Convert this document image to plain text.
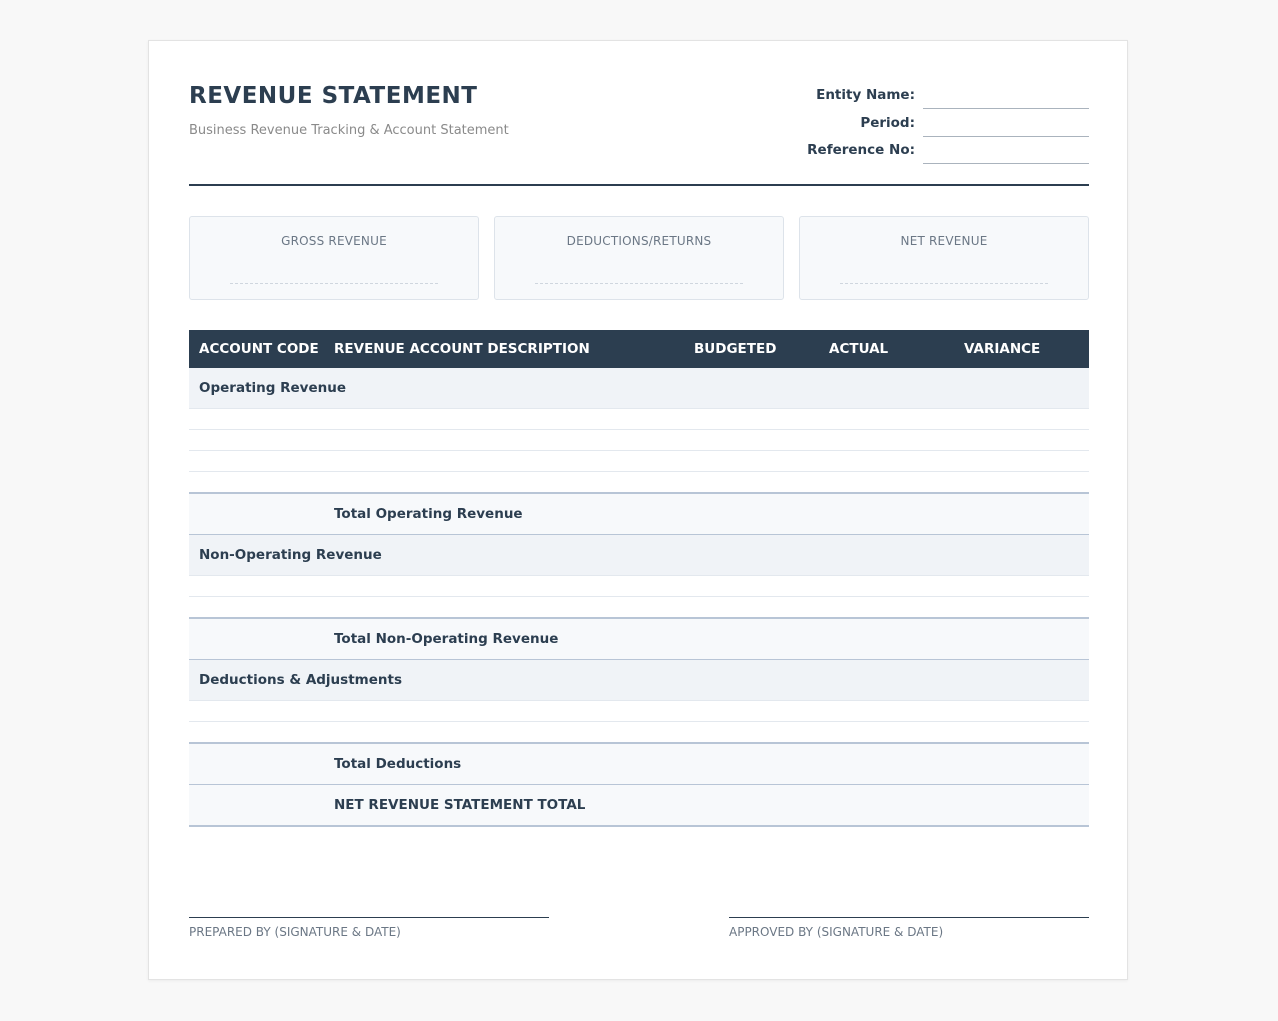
REVENUE STATEMENT
Business Revenue Tracking & Account Statement
Entity Name:
Period:
Reference No:
GROSS REVENUE	DEDUCTIONS/RETURNS	NET REVENUE
ACCOUNT CODE	REVENUE ACCOUNT DESCRIPTION	BUDGETED	ACTUAL	VARIANCE
Operating Revenue				

	Total Operating Revenue			
Non-Operating Revenue				

	Total Non-Operating Revenue			
Deductions & Adjustments				

	Total Deductions			
	NET REVENUE STATEMENT TOTAL			
PREPARED BY (SIGNATURE & DATE)	APPROVED BY (SIGNATURE & DATE)
